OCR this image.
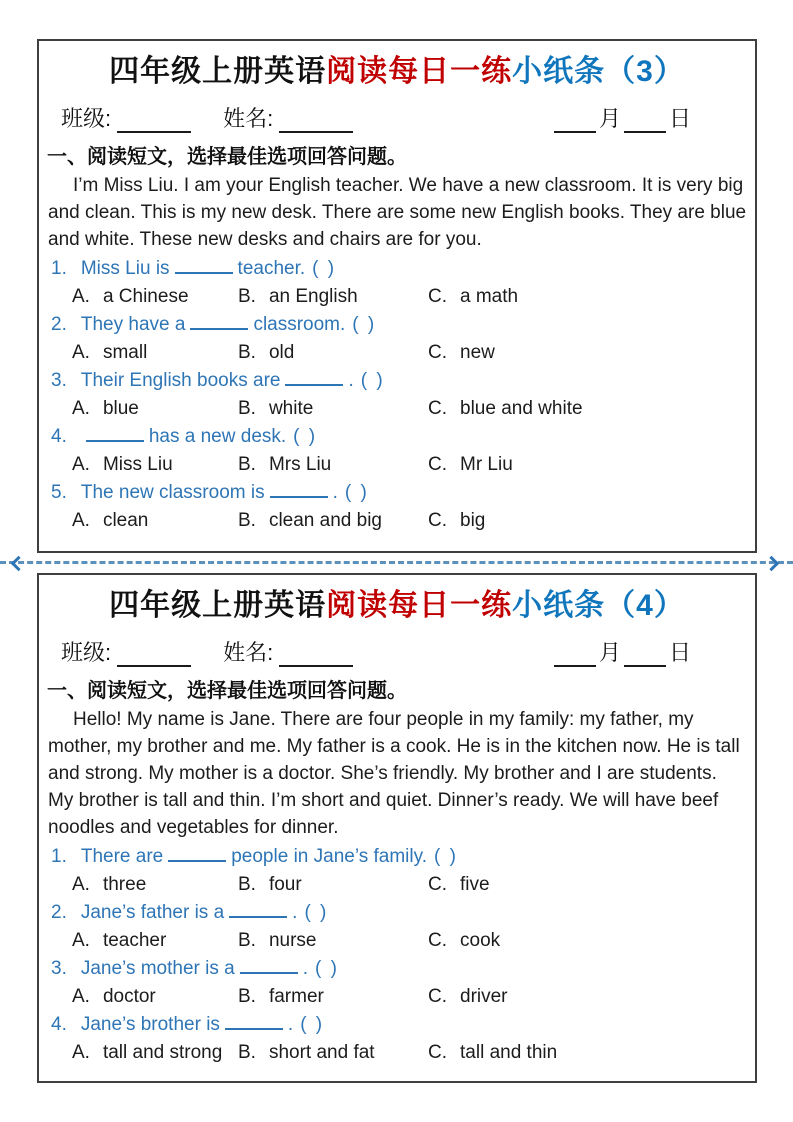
四年级上册英语阅读每日一练小纸条（3）
班级:	姓名:	月 日
一、阅读短文，选择最佳选项回答问题。
I’m Miss Liu. I am your English teacher. We have a new classroom. It is very big and clean. This is my new desk. There are some new English books. They are blue and white. These new desks and chairs are for you.
1. Miss Liu is	teacher. ( )
A. a Chinese	B. an English	C. a math
2. They have a	classroom. ( )
A. small	B. old	C. new
3. Their English books are	. ( )
A. blue	B. white	C. blue and white
4.	has a new desk. ( )
A. Miss Liu	B. Mrs Liu	C. Mr Liu
5. The new classroom is	. ( )
A. clean	B. clean and big	C. big
四年级上册英语阅读每日一练小纸条（4）
班级:	姓名:	月 日
一、阅读短文，选择最佳选项回答问题。
Hello! My name is Jane. There are four people in my family: my father, my mother, my brother and me. My father is a cook. He is in the kitchen now. He is tall and strong. My mother is a doctor. She’s friendly. My brother and I are students. My brother is tall and thin. I’m short and quiet. Dinner’s ready. We will have beef noodles and vegetables for dinner.
1. There are	people in Jane’s family. ( )
A. three	B. four	C. five
2. Jane’s father is a	. ( )
A. teacher	B. nurse	C. cook
3. Jane’s mother is a	. ( )
A. doctor	B. farmer	C. driver
4. Jane’s brother is	. ( )
A. tall and strong B. short and fat	C. tall and thin
